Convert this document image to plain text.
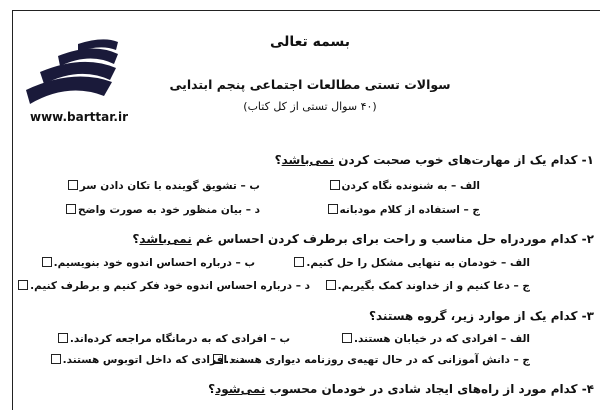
www.barttar.ir
بسمه تعالی
سوالات تستی مطالعات اجتماعی پنجم ابتدایی
(۴۰ سوال تستی از کل کتاب)
۱- کدام یک از مهارت‌های خوب صحبت کردن نمی‌باشد؟
الف – به شنونده نگاه کردن
ب – تشویق گوینده با تکان دادن سر
ج – استفاده از کلام مودبانه
د – بیان منظور خود به صورت واضح
۲- کدام موردراه حل مناسب و راحت برای برطرف کردن احساس غم نمی‌باشد؟
الف – خودمان به تنهایی مشکل را حل کنیم.
ب – درباره احساس اندوه خود بنویسیم.
ج – دعا کنیم و از خداوند کمک بگیریم.
د – درباره احساس اندوه خود فکر کنیم و برطرف کنیم.
۳- کدام یک از موارد زیر، گروه هستند؟
الف – افرادی که در خیابان هستند.
ب – افرادی که به درمانگاه مراجعه کرده‌اند.
ج – دانش آموزانی که در حال تهیه‌ی روزنامه دیواری هستند.
د – افرادی که داخل اتوبوس هستند.
۴- کدام مورد از راه‌های ایجاد شادی در خودمان محسوب نمی‌شود؟
